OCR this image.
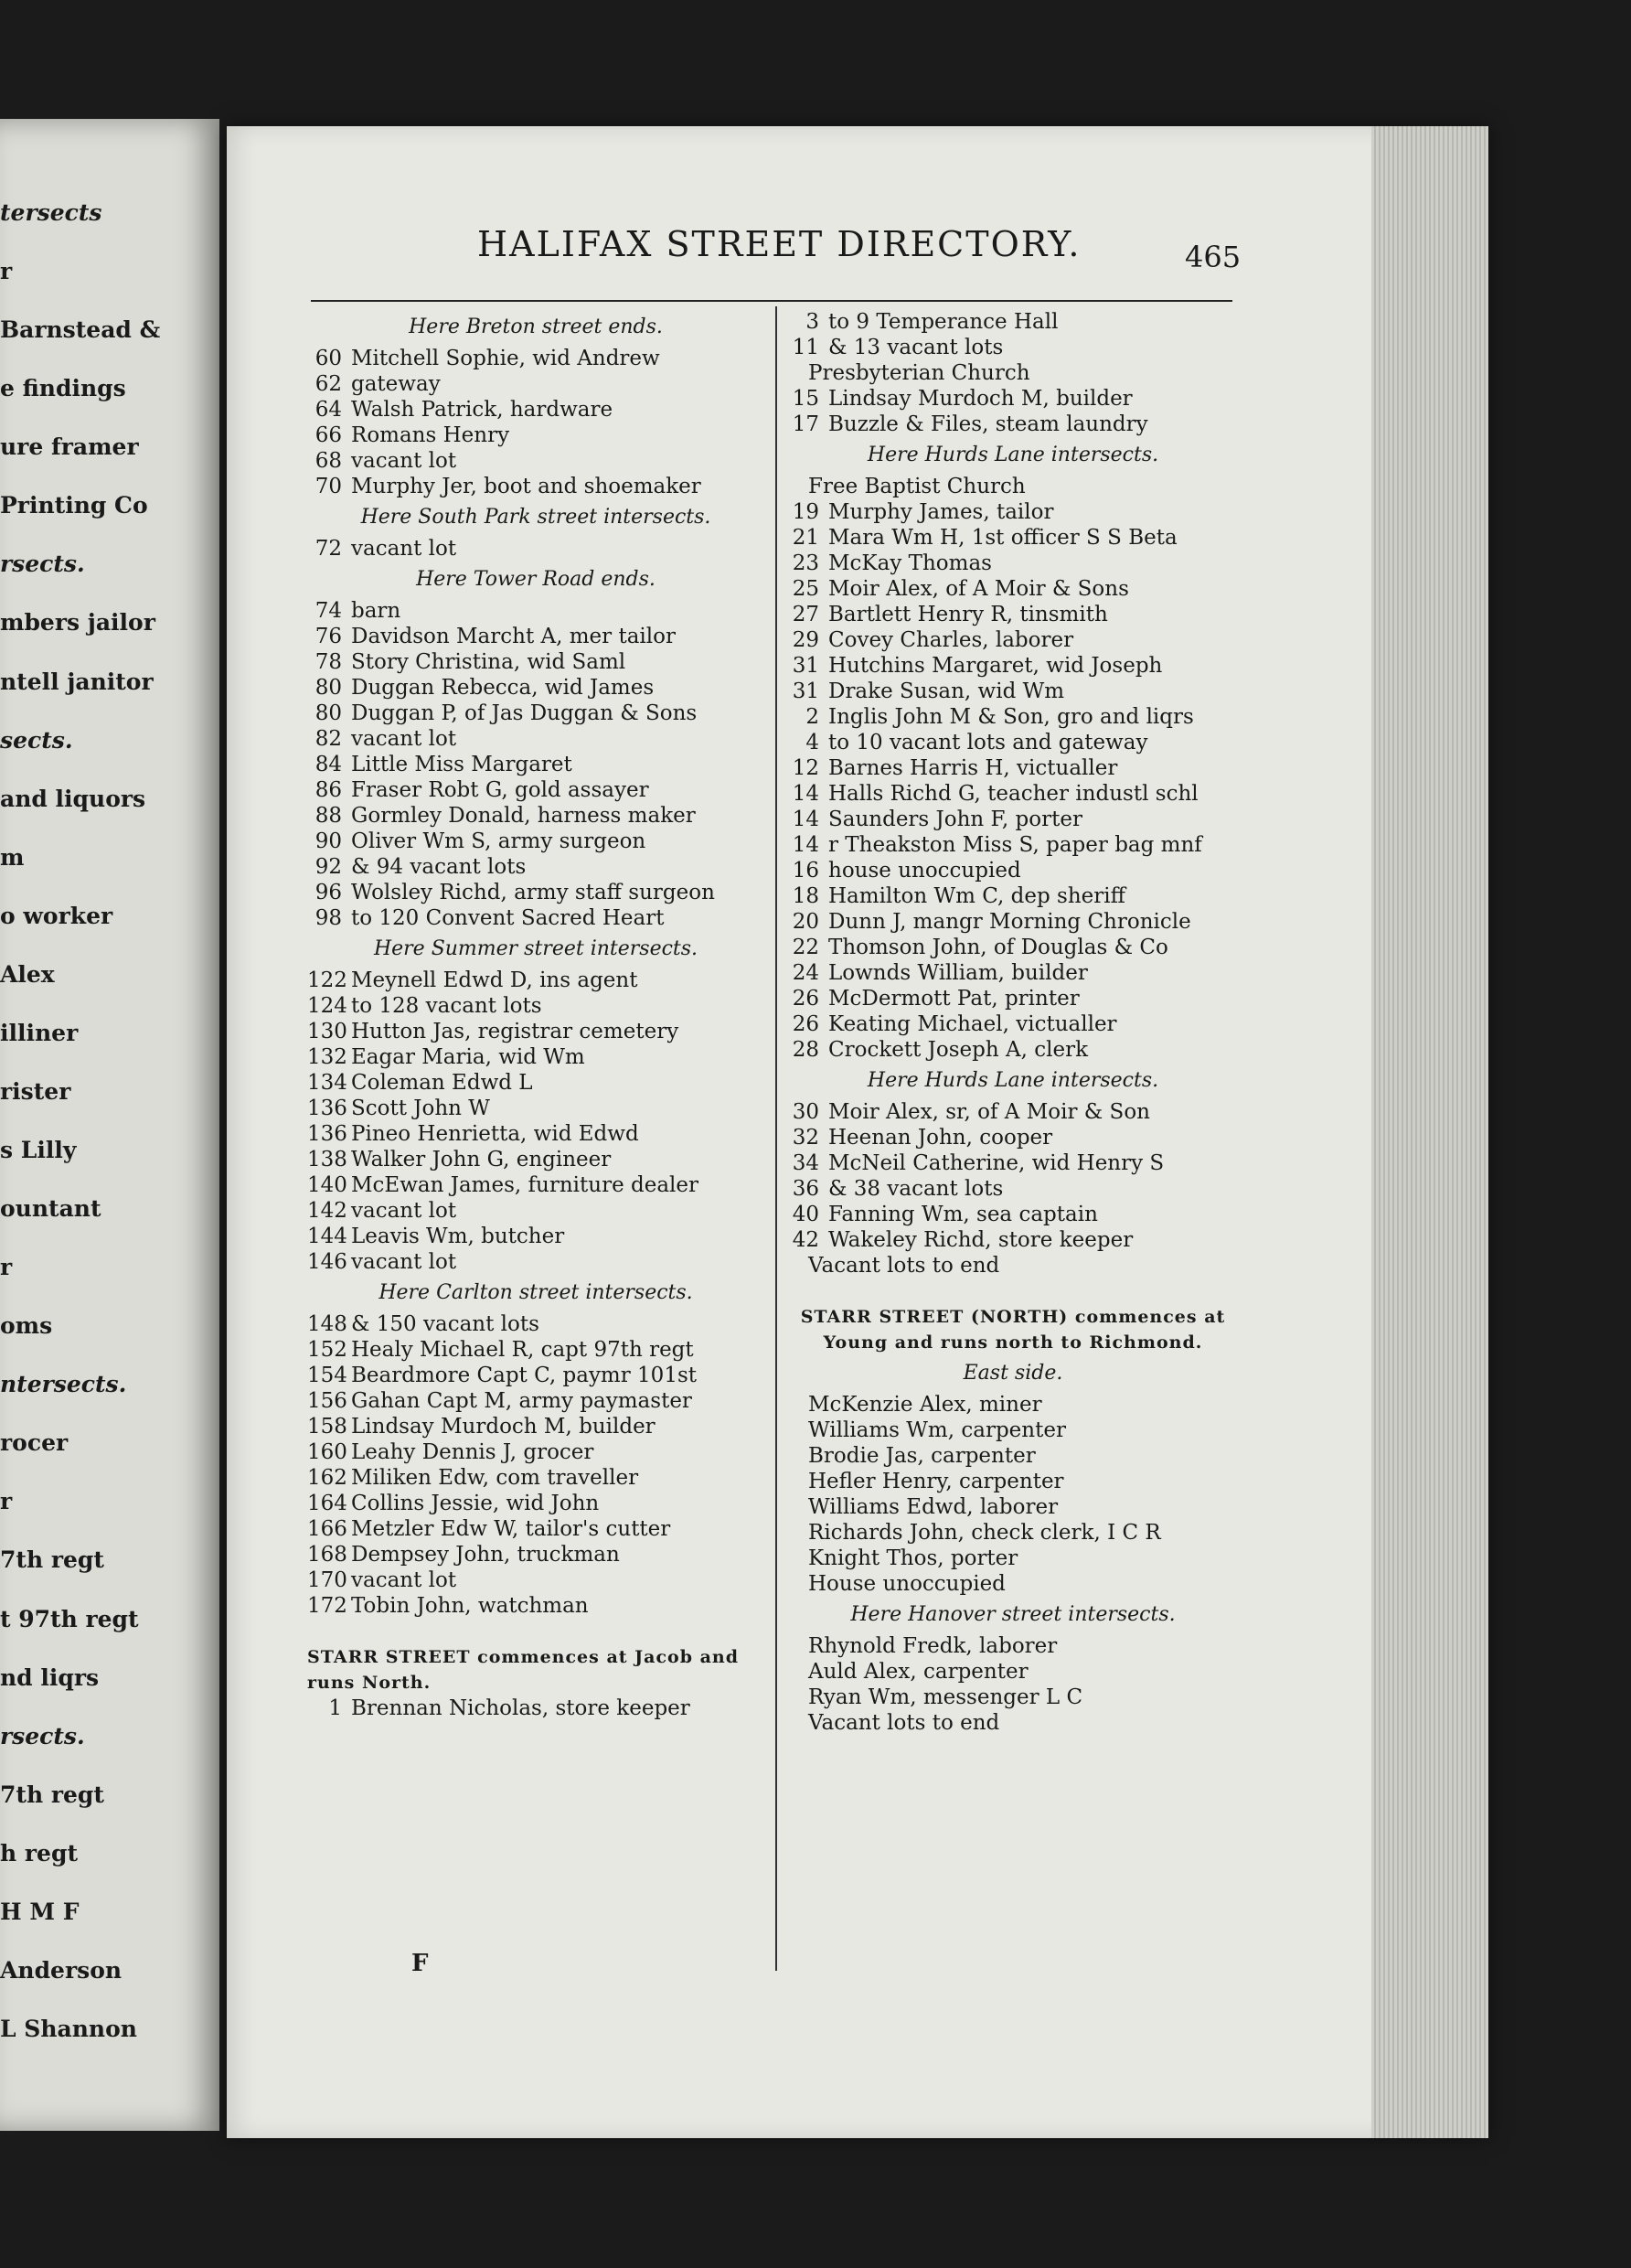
tersects
r
Barnstead &
e findings
ure framer
Printing Co
rsects.
mbers jailor
ntell janitor
sects.
and liquors
m
o worker
Alex
illiner
rister
s Lilly
ountant
r
oms
ntersects.
rocer
r
7th regt
t 97th regt
nd liqrs
rsects.
7th regt
h regt
H M F
Anderson
L Shannon
HALIFAX STREET DIRECTORY.	465
Here Breton street ends.
60 Mitchell Sophie, wid Andrew
62 gateway
64 Walsh Patrick, hardware
66 Romans Henry
68 vacant lot
70 Murphy Jer, boot and shoemaker
Here South Park street intersects.
72 vacant lot
Here Tower Road ends.
74 barn
76 Davidson Marcht A, mer tailor
78 Story Christina, wid Saml
80 Duggan Rebecca, wid James
80 Duggan P, of Jas Duggan & Sons
82 vacant lot
84 Little Miss Margaret
86 Fraser Robt G, gold assayer
88 Gormley Donald, harness maker
90 Oliver Wm S, army surgeon
92 & 94 vacant lots
96 Wolsley Richd, army staff surgeon
98 to 120 Convent Sacred Heart
Here Summer street intersects.
122 Meynell Edwd D, ins agent
124 to 128 vacant lots
130 Hutton Jas, registrar cemetery
132 Eagar Maria, wid Wm
134 Coleman Edwd L
136 Scott John W
136 Pineo Henrietta, wid Edwd
138 Walker John G, engineer
140 McEwan James, furniture dealer
142 vacant lot
144 Leavis Wm, butcher
146 vacant lot
Here Carlton street intersects.
148 & 150 vacant lots
152 Healy Michael R, capt 97th regt
154 Beardmore Capt C, paymr 101st
156 Gahan Capt M, army paymaster
158 Lindsay Murdoch M, builder
160 Leahy Dennis J, grocer
162 Miliken Edw, com traveller
164 Collins Jessie, wid John
166 Metzler Edw W, tailor's cutter
168 Dempsey John, truckman
170 vacant lot
172 Tobin John, watchman
STARR STREET commences at Jacob and runs North.
1 Brennan Nicholas, store keeper
3 to 9 Temperance Hall
11 & 13 vacant lots
Presbyterian Church
15 Lindsay Murdoch M, builder
17 Buzzle & Files, steam laundry
Here Hurds Lane intersects.
Free Baptist Church
19 Murphy James, tailor
21 Mara Wm H, 1st officer S S Beta
23 McKay Thomas
25 Moir Alex, of A Moir & Sons
27 Bartlett Henry R, tinsmith
29 Covey Charles, laborer
31 Hutchins Margaret, wid Joseph
31 Drake Susan, wid Wm
2 Inglis John M & Son, gro and liqrs
4 to 10 vacant lots and gateway
12 Barnes Harris H, victualler
14 Halls Richd G, teacher industl schl
14 Saunders John F, porter
14 r Theakston Miss S, paper bag mnf
16 house unoccupied
18 Hamilton Wm C, dep sheriff
20 Dunn J, mangr Morning Chronicle
22 Thomson John, of Douglas & Co
24 Lownds William, builder
26 McDermott Pat, printer
26 Keating Michael, victualler
28 Crockett Joseph A, clerk
Here Hurds Lane intersects.
30 Moir Alex, sr, of A Moir & Son
32 Heenan John, cooper
34 McNeil Catherine, wid Henry S
36 & 38 vacant lots
40 Fanning Wm, sea captain
42 Wakeley Richd, store keeper
Vacant lots to end
STARR STREET (NORTH) commences at Young and runs north to Richmond.
East side.
McKenzie Alex, miner
Williams Wm, carpenter
Brodie Jas, carpenter
Hefler Henry, carpenter
Williams Edwd, laborer
Richards John, check clerk, I C R
Knight Thos, porter
House unoccupied
Here Hanover street intersects.
Rhynold Fredk, laborer
Auld Alex, carpenter
Ryan Wm, messenger L C
Vacant lots to end
F
